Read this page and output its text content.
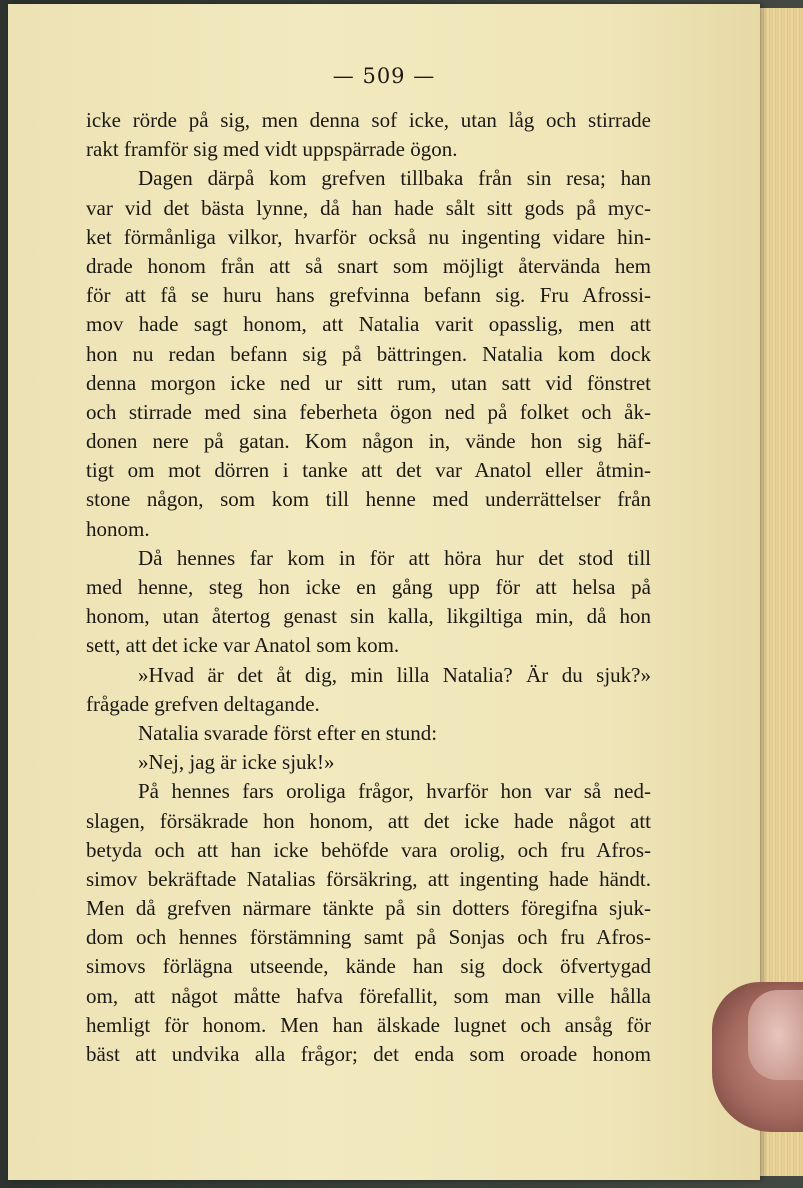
— 509 —
icke rörde på sig, men denna sof icke, utan låg och stirrade
rakt framför sig med vidt uppspärrade ögon.
Dagen därpå kom grefven tillbaka från sin resa; han
var vid det bästa lynne, då han hade sålt sitt gods på myc-
ket förmånliga vilkor, hvarför också nu ingenting vidare hin-
drade honom från att så snart som möjligt återvända hem
för att få se huru hans grefvinna befann sig. Fru Afrossi-
mov hade sagt honom, att Natalia varit opasslig, men att
hon nu redan befann sig på bättringen. Natalia kom dock
denna morgon icke ned ur sitt rum, utan satt vid fönstret
och stirrade med sina feberheta ögon ned på folket och åk-
donen nere på gatan. Kom någon in, vände hon sig häf-
tigt om mot dörren i tanke att det var Anatol eller åtmin-
stone någon, som kom till henne med underrättelser från
honom.
Då hennes far kom in för att höra hur det stod till
med henne, steg hon icke en gång upp för att helsa på
honom, utan återtog genast sin kalla, likgiltiga min, då hon
sett, att det icke var Anatol som kom.
»Hvad är det åt dig, min lilla Natalia? Är du sjuk?»
frågade grefven deltagande.
Natalia svarade först efter en stund:
»Nej, jag är icke sjuk!»
På hennes fars oroliga frågor, hvarför hon var så ned-
slagen, försäkrade hon honom, att det icke hade något att
betyda och att han icke behöfde vara orolig, och fru Afros-
simov bekräftade Natalias försäkring, att ingenting hade händt.
Men då grefven närmare tänkte på sin dotters föregifna sjuk-
dom och hennes förstämning samt på Sonjas och fru Afros-
simovs förlägna utseende, kände han sig dock öfvertygad
om, att något måtte hafva förefallit, som man ville hålla
hemligt för honom. Men han älskade lugnet och ansåg för
bäst att undvika alla frågor; det enda som oroade honom
